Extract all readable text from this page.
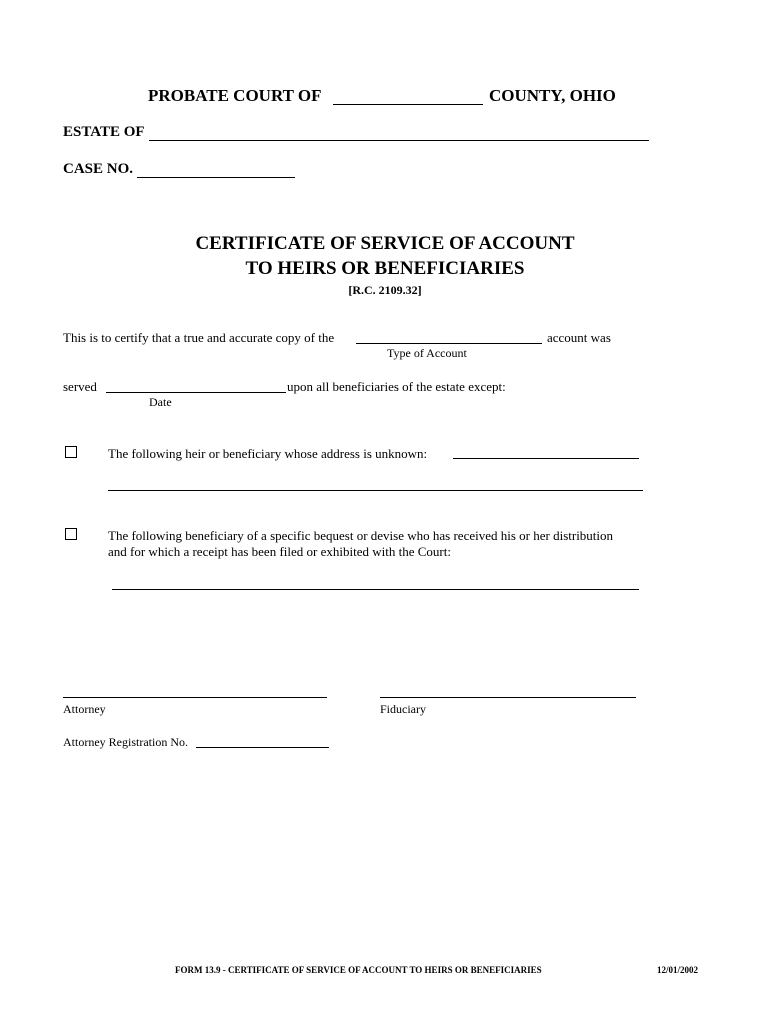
PROBATE COURT OF	COUNTY, OHIO
ESTATE OF
CASE NO.
CERTIFICATE OF SERVICE OF ACCOUNT
TO HEIRS OR BENEFICIARIES
[R.C. 2109.32]
This is to certify that a true and accurate copy of the	account was
Type of Account
served	upon all beneficiaries of the estate except:
Date
The following heir or beneficiary whose address is unknown:
The following beneficiary of a specific bequest or devise who has received his or her distribution
and for which a receipt has been filed or exhibited with the Court:
Attorney	Fiduciary
Attorney Registration No.
FORM 13.9 - CERTIFICATE OF SERVICE OF ACCOUNT TO HEIRS OR BENEFICIARIES	12/01/2002
